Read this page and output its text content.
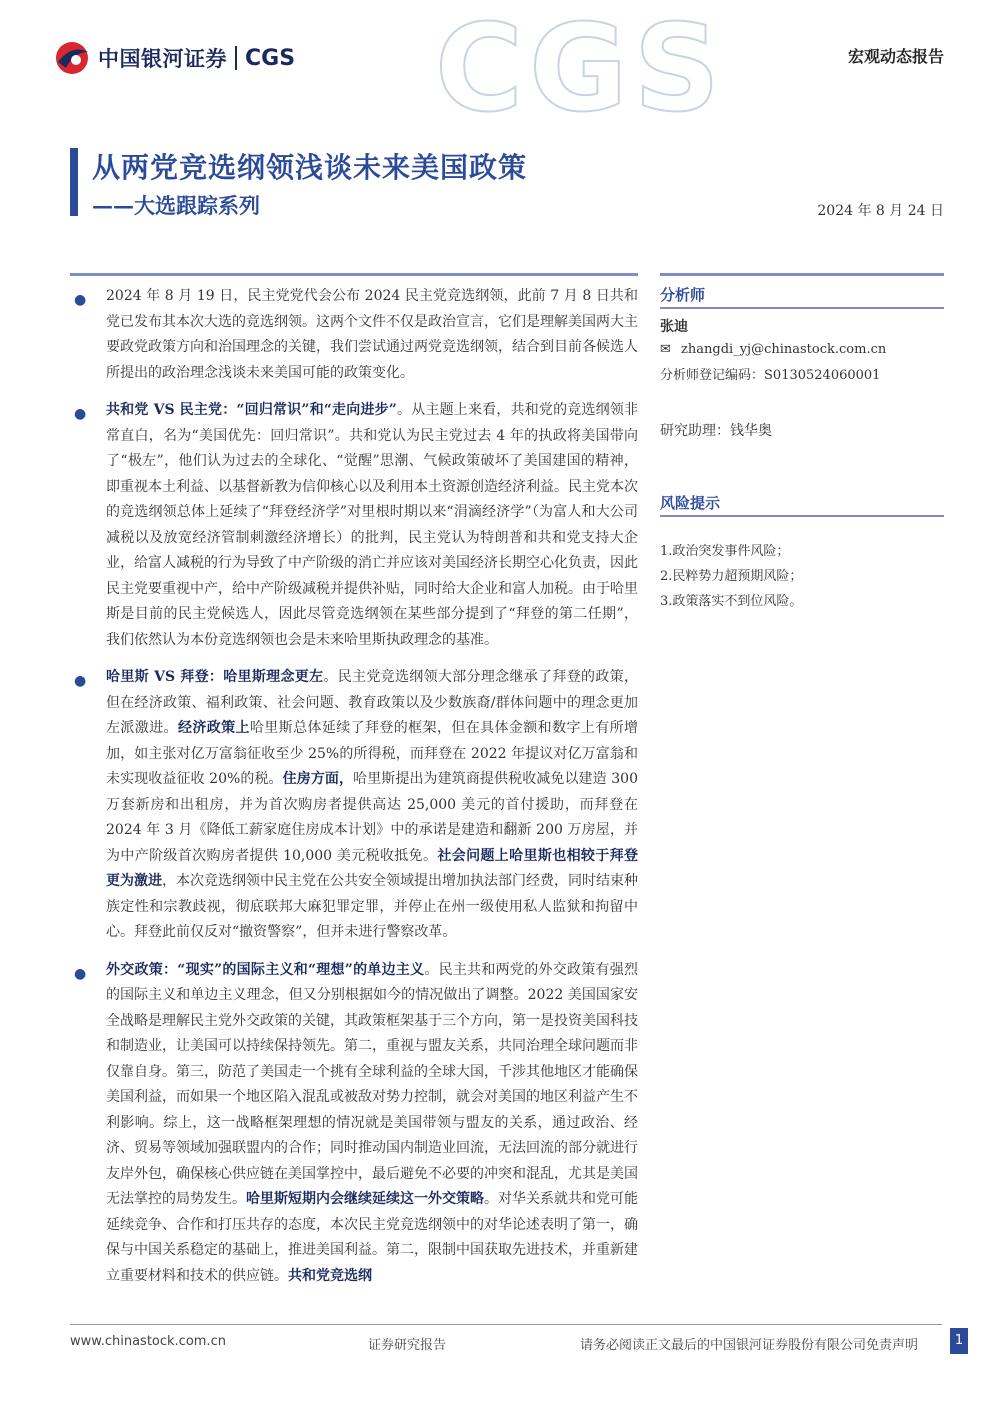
中国银河证券 CGS CGS	宏观动态报告
从两党竞选纲领浅谈未来美国政策
——大选跟踪系列	2024 年 8 月 24 日
● 2024 年 8 月 19 日，民主党党代会公布 2024 民主党竞选纲领，此前 7 月 8 日共和党已发布其本次大选的竞选纲领。这两个文件不仅是政治宣言，它们是理解美国两大主要政党政策方向和治国理念的关键，我们尝试通过两党竞选纲领，结合到目前各候选人所提出的政治理念浅谈未来美国可能的政策变化。
● 共和党 VS 民主党：“回归常识”和“走向进步”。从主题上来看，共和党的竞选纲领非常直白，名为“美国优先：回归常识”。共和党认为民主党过去 4 年的执政将美国带向了“极左”，他们认为过去的全球化、“觉醒”思潮、气候政策破坏了美国建国的精神，即重视本土利益、以基督新教为信仰核心以及利用本土资源创造经济利益。民主党本次的竞选纲领总体上延续了“拜登经济学”对里根时期以来“涓滴经济学”（为富人和大公司减税以及放宽经济管制刺激经济增长）的批判，民主党认为特朗普和共和党支持大企业，给富人减税的行为导致了中产阶级的消亡并应该对美国经济长期空心化负责，因此民主党要重视中产，给中产阶级减税并提供补贴，同时给大企业和富人加税。由于哈里斯是目前的民主党候选人，因此尽管竞选纲领在某些部分提到了“拜登的第二任期”，我们依然认为本份竞选纲领也会是未来哈里斯执政理念的基准。
● 哈里斯 VS 拜登：哈里斯理念更左。民主党竞选纲领大部分理念继承了拜登的政策，但在经济政策、福利政策、社会问题、教育政策以及少数族裔/群体问题中的理念更加左派激进。经济政策上哈里斯总体延续了拜登的框架，但在具体金额和数字上有所增加，如主张对亿万富翁征收至少 25%的所得税，而拜登在 2022 年提议对亿万富翁和未实现收益征收 20%的税。住房方面，哈里斯提出为建筑商提供税收减免以建造 300 万套新房和出租房，并为首次购房者提供高达 25,000 美元的首付援助，而拜登在 2024 年 3 月《降低工薪家庭住房成本计划》中的承诺是建造和翻新 200 万房屋，并为中产阶级首次购房者提供 10,000 美元税收抵免。社会问题上哈里斯也相较于拜登更为激进，本次竞选纲领中民主党在公共安全领域提出增加执法部门经费，同时结束种族定性和宗教歧视，彻底联邦大麻犯罪定罪，并停止在州一级使用私人监狱和拘留中心。拜登此前仅反对“撤资警察”，但并未进行警察改革。
● 外交政策：“现实”的国际主义和“理想”的单边主义。民主共和两党的外交政策有强烈的国际主义和单边主义理念，但又分别根据如今的情况做出了调整。2022 美国国家安全战略是理解民主党外交政策的关键，其政策框架基于三个方向，第一是投资美国科技和制造业，让美国可以持续保持领先。第二，重视与盟友关系，共同治理全球问题而非仅靠自身。第三，防范了美国走一个挑有全球利益的全球大国，千涉其他地区才能确保美国利益，而如果一个地区陷入混乱或被敌对势力控制，就会对美国的地区利益产生不利影响。综上，这一战略框架理想的情况就是美国带领与盟友的关系，通过政治、经济、贸易等领域加强联盟内的合作；同时推动国内制造业回流，无法回流的部分就进行友岸外包，确保核心供应链在美国掌控中，最后避免不必要的冲突和混乱，尤其是美国无法掌控的局势发生。哈里斯短期内会继续延续这一外交策略。对华关系就共和党可能延续竞争、合作和打压共存的态度，本次民主党竞选纲领中的对华论述表明了第一，确保与中国关系稳定的基础上，推进美国利益。第二，限制中国获取先进技术，并重新建立重要材料和技术的供应链。共和党竞选纲
分析师
张迪
✉ zhangdi_yj@chinastock.com.cn
分析师登记编码：S0130524060001
研究助理：钱华奥
风险提示
1.政治突发事件风险；
2.民粹势力超预期风险；
3.政策落实不到位风险。
www.chinastock.com.cn	证券研究报告	请务必阅读正文最后的中国银河证券股份有限公司免责声明	1
